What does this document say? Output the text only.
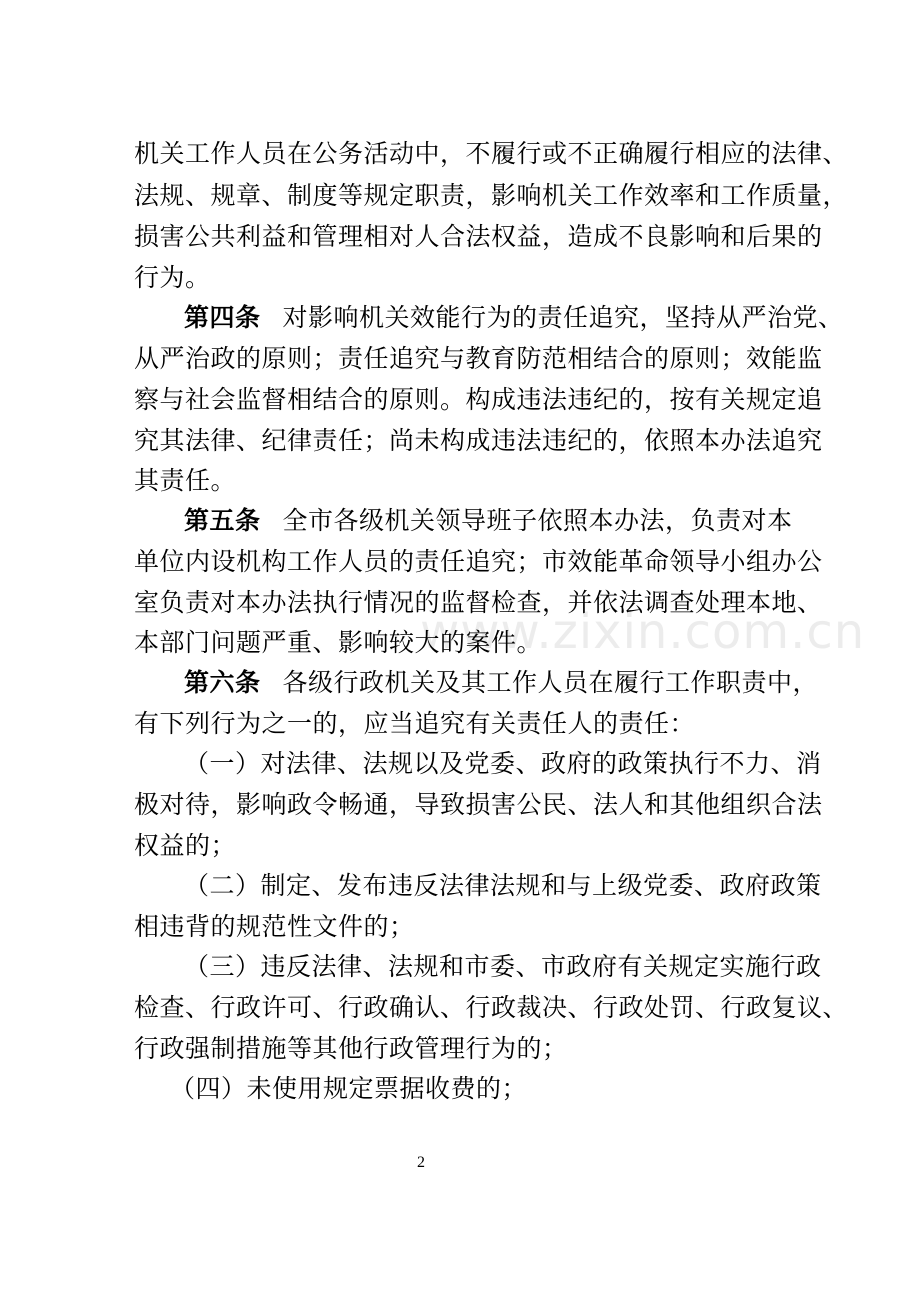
www.zixin.com.cn
机关工作人员在公务活动中，不履行或不正确履行相应的法律、
法规、规章、制度等规定职责，影响机关工作效率和工作质量，
损害公共利益和管理相对人合法权益，造成不良影响和后果的
行为。
第四条 对影响机关效能行为的责任追究，坚持从严治党、
从严治政的原则；责任追究与教育防范相结合的原则；效能监
察与社会监督相结合的原则。构成违法违纪的，按有关规定追
究其法律、纪律责任；尚未构成违法违纪的，依照本办法追究
其责任。
第五条 全市各级机关领导班子依照本办法，负责对本
单位内设机构工作人员的责任追究；市效能革命领导小组办公
室负责对本办法执行情况的监督检查，并依法调查处理本地、
本部门问题严重、影响较大的案件。
第六条 各级行政机关及其工作人员在履行工作职责中，
有下列行为之一的，应当追究有关责任人的责任：
（一）对法律、法规以及党委、政府的政策执行不力、消
极对待，影响政令畅通，导致损害公民、法人和其他组织合法
权益的；
（二）制定、发布违反法律法规和与上级党委、政府政策
相违背的规范性文件的；
（三）违反法律、法规和市委、市政府有关规定实施行政
检查、行政许可、行政确认、行政裁决、行政处罚、行政复议、
行政强制措施等其他行政管理行为的；
（四）未使用规定票据收费的；
2
